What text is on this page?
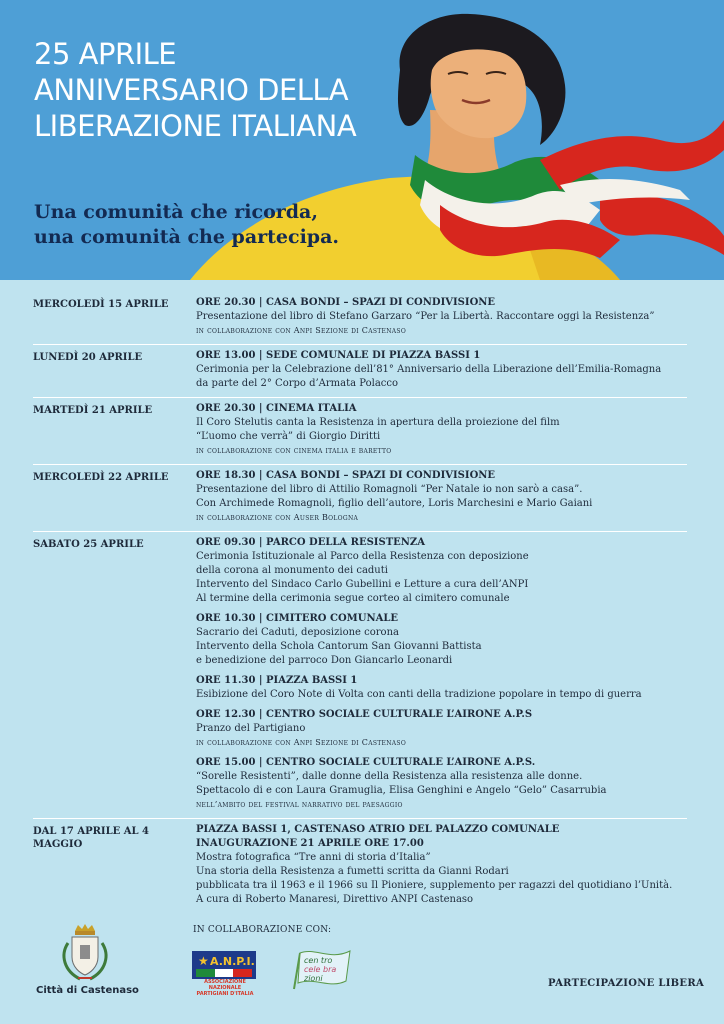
25 APRILE
ANNIVERSARIO DELLA
LIBERAZIONE ITALIANA
Una comunità che ricorda,
una comunità che partecipa.
MERCOLEDÌ 15 APRILE	ORE 20.30 | CASA BONDI – SPAZI DI CONDIVISIONE
Presentazione del libro di Stefano Garzaro “Per la Libertà. Raccontare oggi la Resistenza”
in collaborazione con Anpi Sezione di Castenaso
LUNEDÌ 20 APRILE	ORE 13.00 | SEDE COMUNALE DI PIAZZA BASSI 1
Cerimonia per la Celebrazione dell’81° Anniversario della Liberazione dell’Emilia-Romagna
da parte del 2° Corpo d’Armata Polacco
MARTEDÌ 21 APRILE	ORE 20.30 | CINEMA ITALIA
Il Coro Stelutis canta la Resistenza in apertura della proiezione del film
“L’uomo che verrà” di Giorgio Diritti
in collaborazione con cinema italia e baretto
MERCOLEDÌ 22 APRILE	ORE 18.30 | CASA BONDI – SPAZI DI CONDIVISIONE
Presentazione del libro di Attilio Romagnoli “Per Natale io non sarò a casa”.
Con Archimede Romagnoli, figlio dell’autore, Loris Marchesini e Mario Gaiani
in collaborazione con Auser Bologna
SABATO 25 APRILE	ORE 09.30 | PARCO DELLA RESISTENZA
Cerimonia Istituzionale al Parco della Resistenza con deposizione
della corona al monumento dei caduti
Intervento del Sindaco Carlo Gubellini e Letture a cura dell’ANPI
Al termine della cerimonia segue corteo al cimitero comunale
ORE 10.30 | CIMITERO COMUNALE
Sacrario dei Caduti, deposizione corona
Intervento della Schola Cantorum San Giovanni Battista
e benedizione del parroco Don Giancarlo Leonardi
ORE 11.30 | PIAZZA BASSI 1
Esibizione del Coro Note di Volta con canti della tradizione popolare in tempo di guerra
ORE 12.30 | CENTRO SOCIALE CULTURALE L’AIRONE A.P.S
Pranzo del Partigiano
in collaborazione con Anpi Sezione di Castenaso
ORE 15.00 | CENTRO SOCIALE CULTURALE L’AIRONE A.P.S.
“Sorelle Resistenti”, dalle donne della Resistenza alla resistenza alle donne.
Spettacolo di e con Laura Gramuglia, Elisa Genghini e Angelo “Gelo” Casarrubia
nell’ambito del festival narrativo del paesaggio
DAL 17 APRILE AL 4 MAGGIO
PIAZZA BASSI 1, CASTENASO ATRIO DEL PALAZZO COMUNALE
INAUGURAZIONE 21 APRILE ORE 17.00
Mostra fotografica “Tre anni di storia d’Italia”
Una storia della Resistenza a fumetti scritta da Gianni Rodari
pubblicata tra il 1963 e il 1966 su Il Pioniere, supplemento per ragazzi del quotidiano l’Unità.
A cura di Roberto Manaresi, Direttivo ANPI Castenaso
Città di Castenaso
IN COLLABORAZIONE CON:
★ A.N.P.I.
ASSOCIAZIONE NAZIONALE
PARTIGIANI D'ITALIA
cen tro
cele bra
zioni	PARTECIPAZIONE LIBERA
